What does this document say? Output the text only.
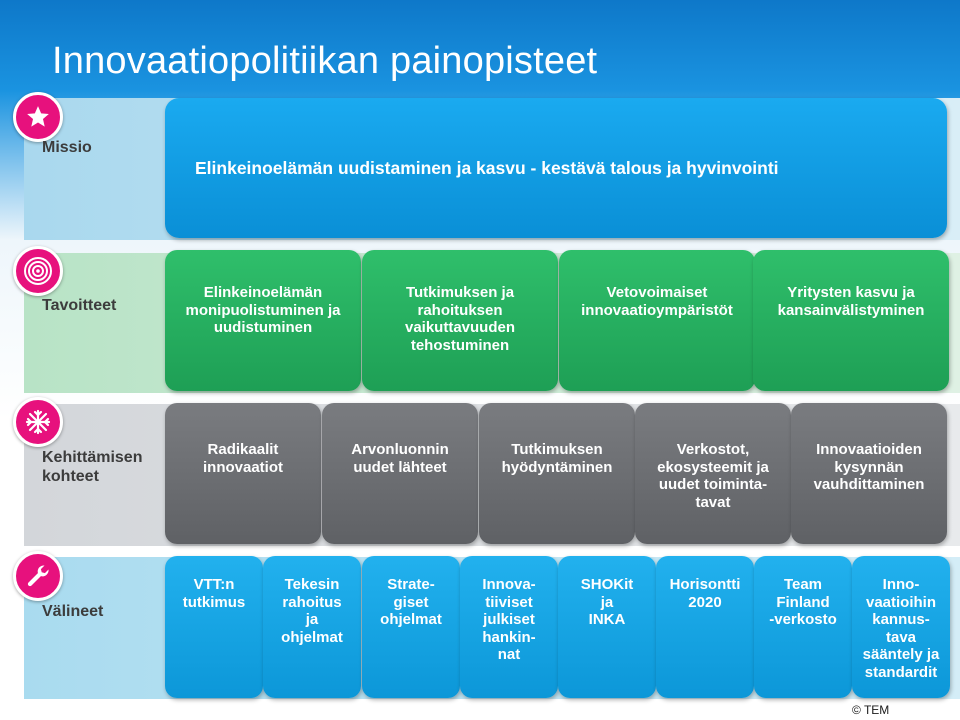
Innovaatiopolitiikan painopisteet
Missio
Tavoitteet
Kehittämisen
kohteet
Välineet
Elinkeinoelämän uudistaminen ja kasvu - kestävä talous ja hyvinvointi
Elinkeinoelämän
monipuolistuminen ja
uudistuminen
Tutkimuksen ja
rahoituksen
vaikuttavuuden
tehostuminen
Vetovoimaiset
innovaatioympäristöt
Yritysten kasvu ja
kansainvälistyminen
Radikaalit
innovaatiot
Arvonluonnin
uudet lähteet
Tutkimuksen
hyödyntäminen
Verkostot,
ekosysteemit ja
uudet toiminta-
tavat
Innovaatioiden
kysynnän
vauhdittaminen
VTT:n
tutkimus
Tekesin
rahoitus
ja
ohjelmat
Strate-
giset
ohjelmat
Innova-
tiiviset
julkiset
hankin-
nat
SHOKit
ja
INKA
Horisontti
2020
Team
Finland
-verkosto
Inno-
vaatioihin
kannus-
tava
sääntely ja
standardit
© TEM
